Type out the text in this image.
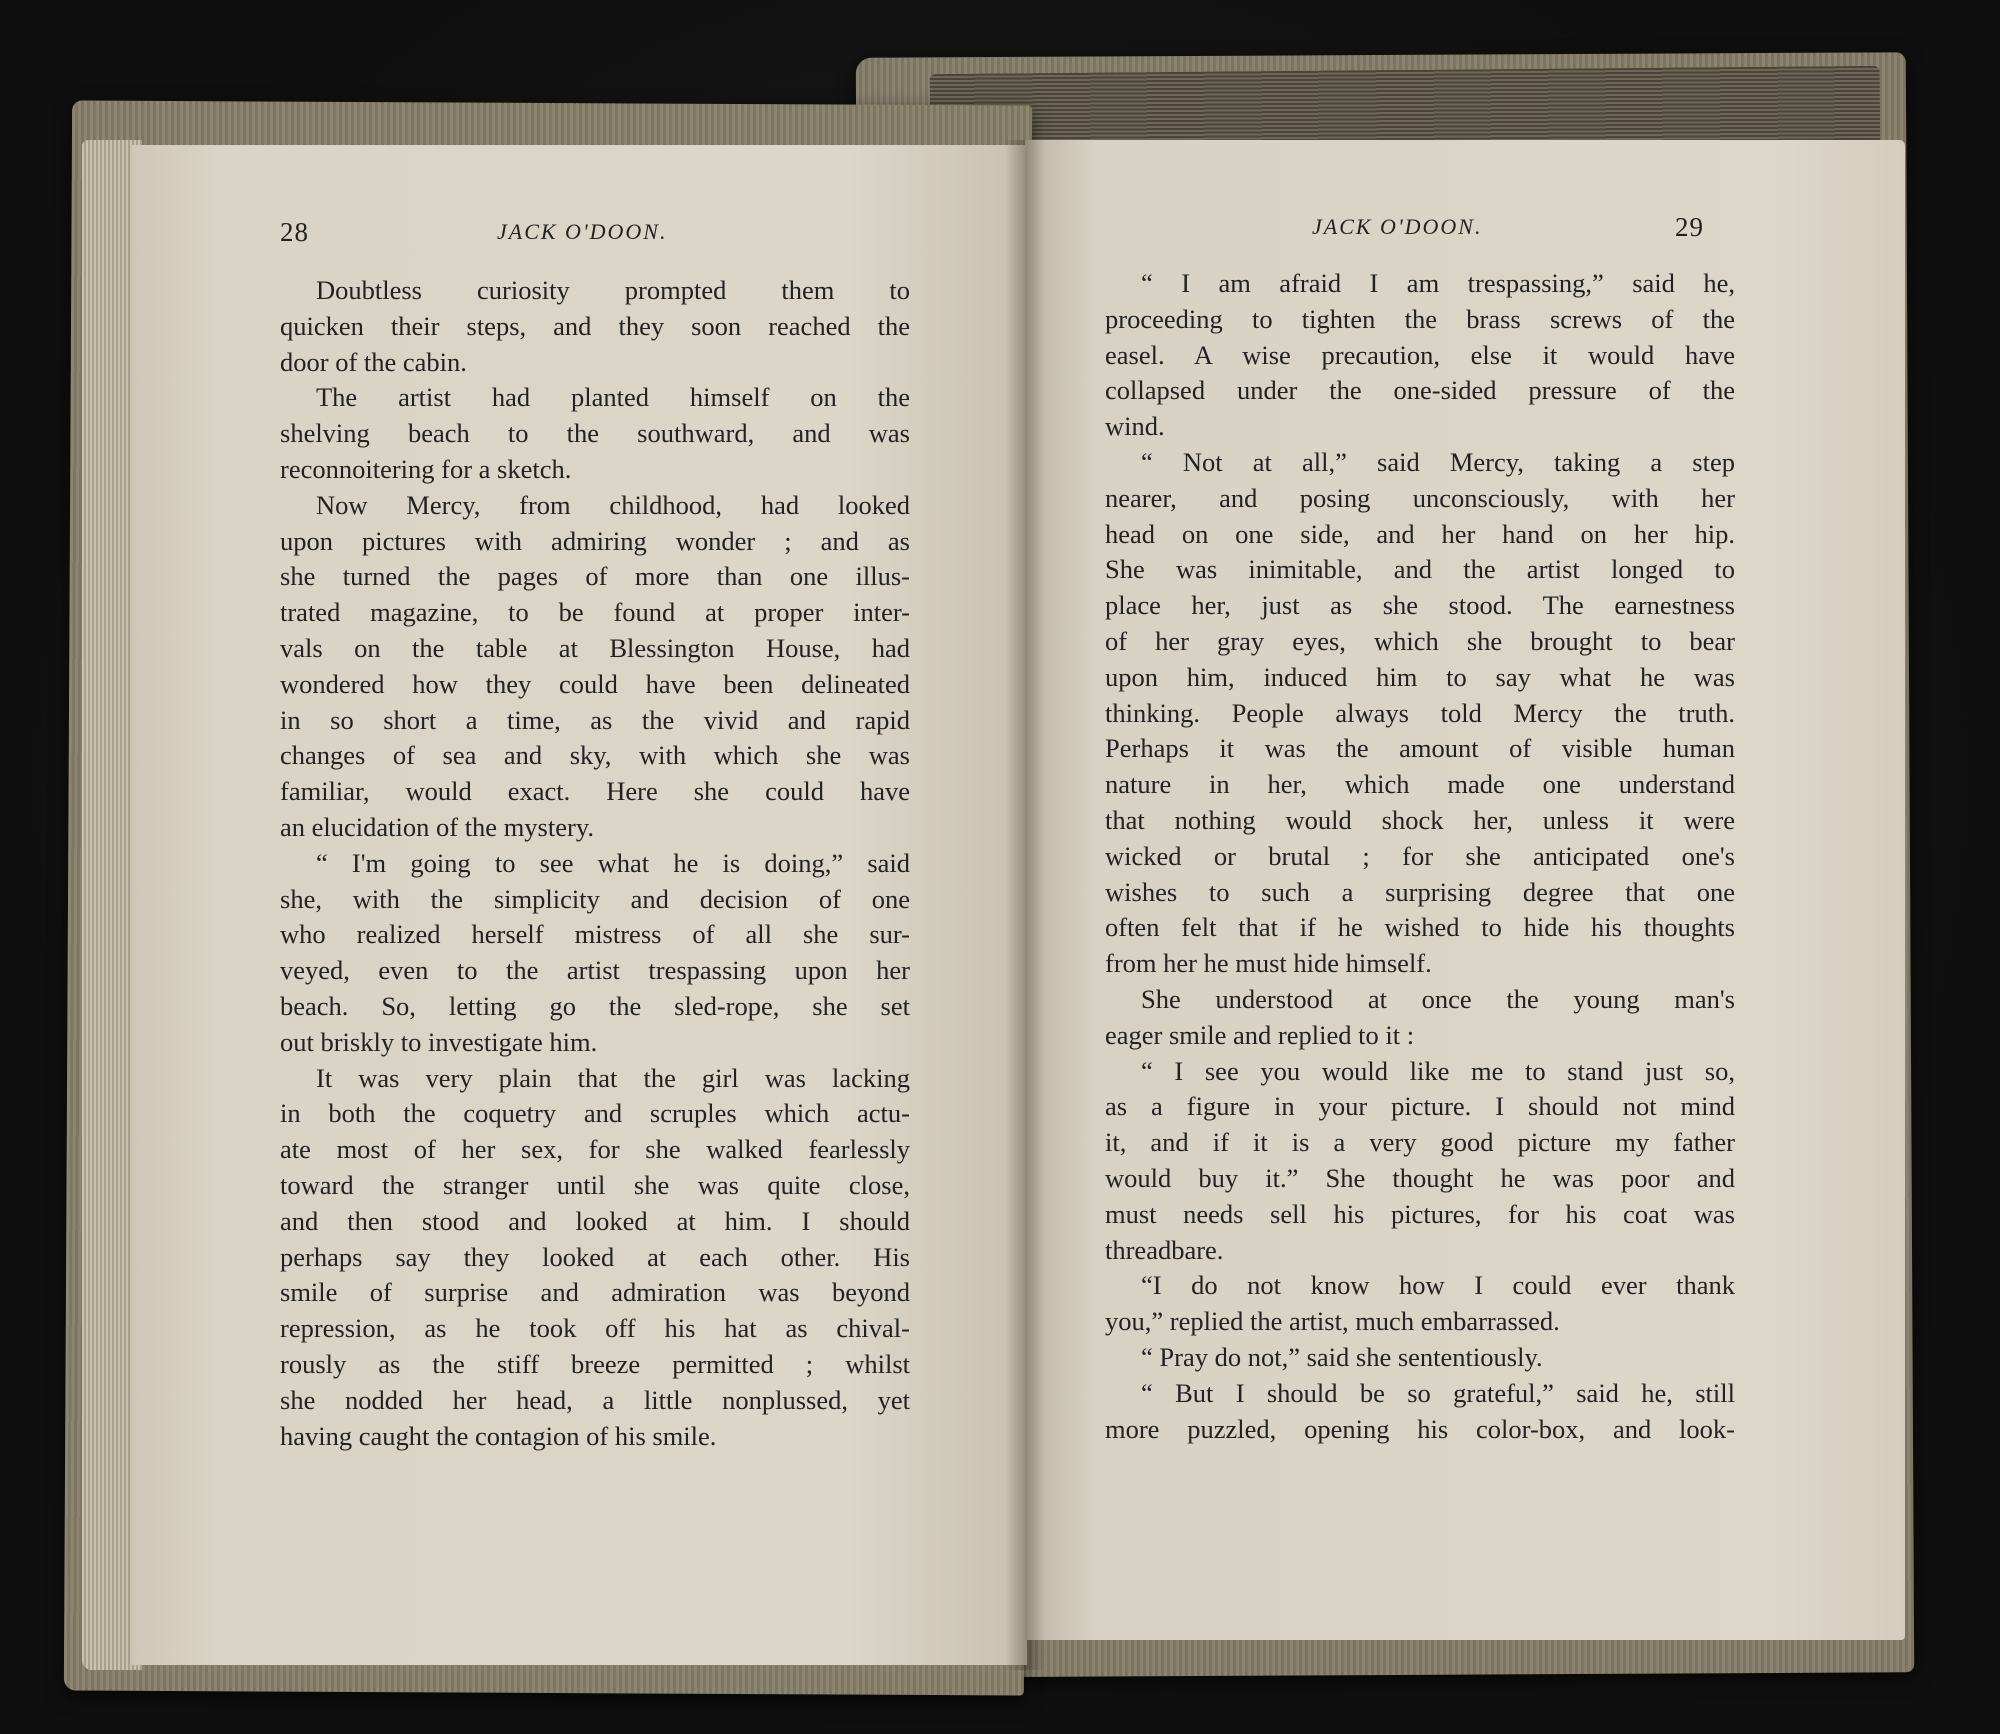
28	JACK O'DOON.
Doubtless curiosity prompted them to
quicken their steps, and they soon reached the
door of the cabin.
The artist had planted himself on the
shelving beach to the southward, and was
reconnoitering for a sketch.
Now Mercy, from childhood, had looked
upon pictures with admiring wonder ; and as
she turned the pages of more than one illus-
trated magazine, to be found at proper inter-
vals on the table at Blessington House, had
wondered how they could have been delineated
in so short a time, as the vivid and rapid
changes of sea and sky, with which she was
familiar, would exact. Here she could have
an elucidation of the mystery.
“ I'm going to see what he is doing,” said
she, with the simplicity and decision of one
who realized herself mistress of all she sur-
veyed, even to the artist trespassing upon her
beach. So, letting go the sled-rope, she set
out briskly to investigate him.
It was very plain that the girl was lacking
in both the coquetry and scruples which actu-
ate most of her sex, for she walked fearlessly
toward the stranger until she was quite close,
and then stood and looked at him. I should
perhaps say they looked at each other. His
smile of surprise and admiration was beyond
repression, as he took off his hat as chival-
rously as the stiff breeze permitted ; whilst
she nodded her head, a little nonplussed, yet
having caught the contagion of his smile.
JACK O'DOON.	29
“ I am afraid I am trespassing,” said he,
proceeding to tighten the brass screws of the
easel. A wise precaution, else it would have
collapsed under the one-sided pressure of the
wind.
“ Not at all,” said Mercy, taking a step
nearer, and posing unconsciously, with her
head on one side, and her hand on her hip.
She was inimitable, and the artist longed to
place her, just as she stood. The earnestness
of her gray eyes, which she brought to bear
upon him, induced him to say what he was
thinking. People always told Mercy the truth.
Perhaps it was the amount of visible human
nature in her, which made one understand
that nothing would shock her, unless it were
wicked or brutal ; for she anticipated one's
wishes to such a surprising degree that one
often felt that if he wished to hide his thoughts
from her he must hide himself.
She understood at once the young man's
eager smile and replied to it :
“ I see you would like me to stand just so,
as a figure in your picture. I should not mind
it, and if it is a very good picture my father
would buy it.” She thought he was poor and
must needs sell his pictures, for his coat was
threadbare.
“I do not know how I could ever thank
you,” replied the artist, much embarrassed.
“ Pray do not,” said she sententiously.
“ But I should be so grateful,” said he, still
more puzzled, opening his color-box, and look-
